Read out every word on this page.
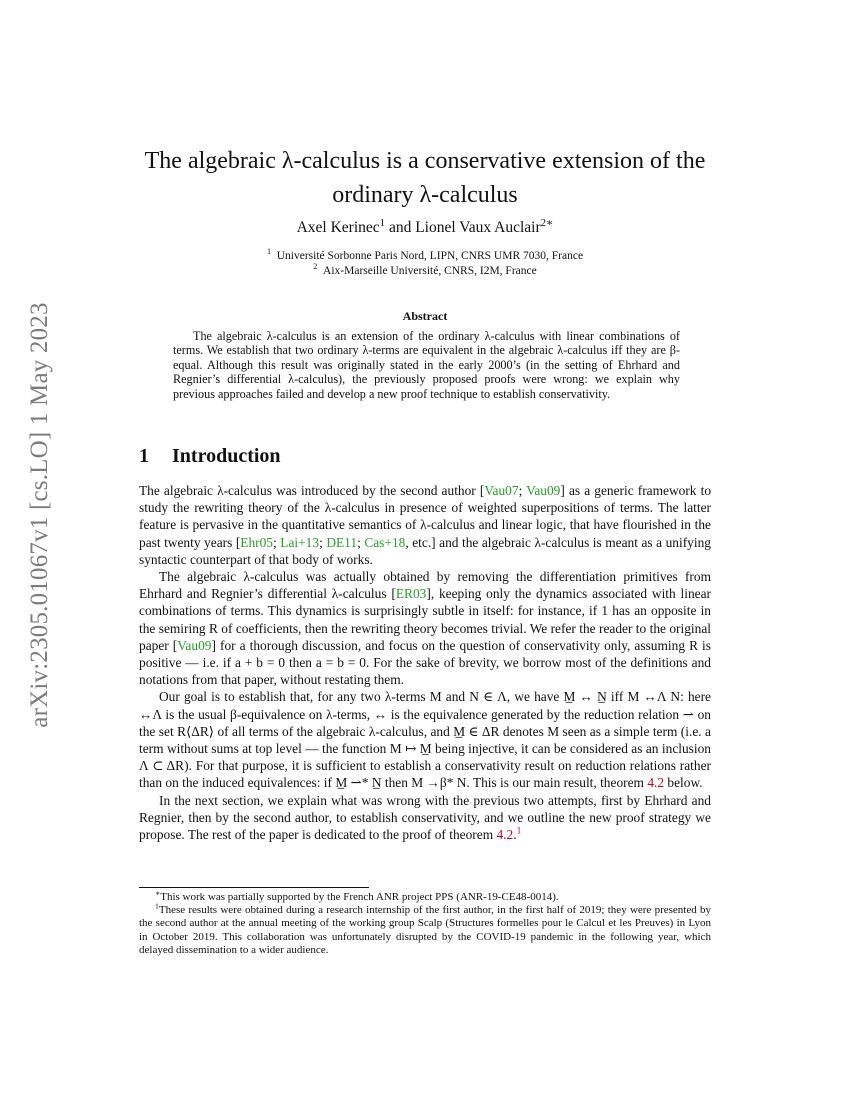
arXiv:2305.01067v1 [cs.LO] 1 May 2023
The algebraic λ-calculus is a conservative extension of the
ordinary λ-calculus
Axel Kerinec$^1$ and Lionel Vaux Auclair$^{2∗}$
$^1$ Université Sorbonne Paris Nord, LIPN, CNRS UMR 7030, France
$^2$ Aix-Marseille Université, CNRS, I2M, France
Abstract

The algebraic λ-calculus is an extension of the ordinary λ-calculus with linear combinations of terms. We establish that two ordinary λ-terms are equivalent in the algebraic λ-calculus iff they are β-equal. Although this result was originally stated in the early 2000’s (in the setting of Ehrhard and Regnier’s differential λ-calculus), the previously proposed proofs were wrong: we explain why previous approaches failed and develop a new proof technique to establish conservativity.

1 Introduction

The algebraic λ-calculus was introduced by the second author [Vau07; Vau09] as a generic framework to study the rewriting theory of the λ-calculus in presence of weighted superpositions of terms. The latter feature is pervasive in the quantitative semantics of λ-calculus and linear logic, that have flourished in the past twenty years [Ehr05; Lai+13; DE11; Cas+18, etc.] and the algebraic λ-calculus is meant as a unifying syntactic counterpart of that body of works.

The algebraic λ-calculus was actually obtained by removing the differentiation primitives from Ehrhard and Regnier’s differential λ-calculus [ER03], keeping only the dynamics associated with linear combinations of terms. This dynamics is surprisingly subtle in itself: for instance, if 1 has an opposite in the semiring R of coefficients, then the rewriting theory becomes trivial. We refer the reader to the original paper [Vau09] for a thorough discussion, and focus on the question of conservativity only, assuming R is positive — i.e. if a + b = 0 then a = b = 0. For the sake of brevity, we borrow most of the definitions and notations from that paper, without restating them.

Our goal is to establish that, for any two λ-terms M and N ∈ Λ, we have M̲ ↔ N̲ iff M ↔Λ N: here ↔Λ is the usual β-equivalence on λ-terms, ↔ is the equivalence generated by the reduction relation ⇀ on the set R⟨ΔR⟩ of all terms of the algebraic λ-calculus, and M̲ ∈ ΔR denotes M seen as a simple term (i.e. a term without sums at top level — the function M ↦ M̲ being injective, it can be considered as an inclusion Λ ⊂ ΔR). For that purpose, it is sufficient to establish a conservativity result on reduction relations rather than on the induced equivalences: if M̲ ⇀* N̲ then M →β* N. This is our main result, theorem 4.2 below.

In the next section, we explain what was wrong with the previous two attempts, first by Ehrhard and Regnier, then by the second author, to establish conservativity, and we outline the new proof strategy we propose. The rest of the paper is dedicated to the proof of theorem 4.2.$^1$

∗This work was partially supported by the French ANR project PPS (ANR-19-CE48-0014).

$^1$These results were obtained during a research internship of the first author, in the first half of 2019; they were presented by the second author at the annual meeting of the working group Scalp (Structures formelles pour le Calcul et les Preuves) in Lyon in October 2019. This collaboration was unfortunately disrupted by the COVID-19 pandemic in the following year, which delayed dissemination to a wider audience.
